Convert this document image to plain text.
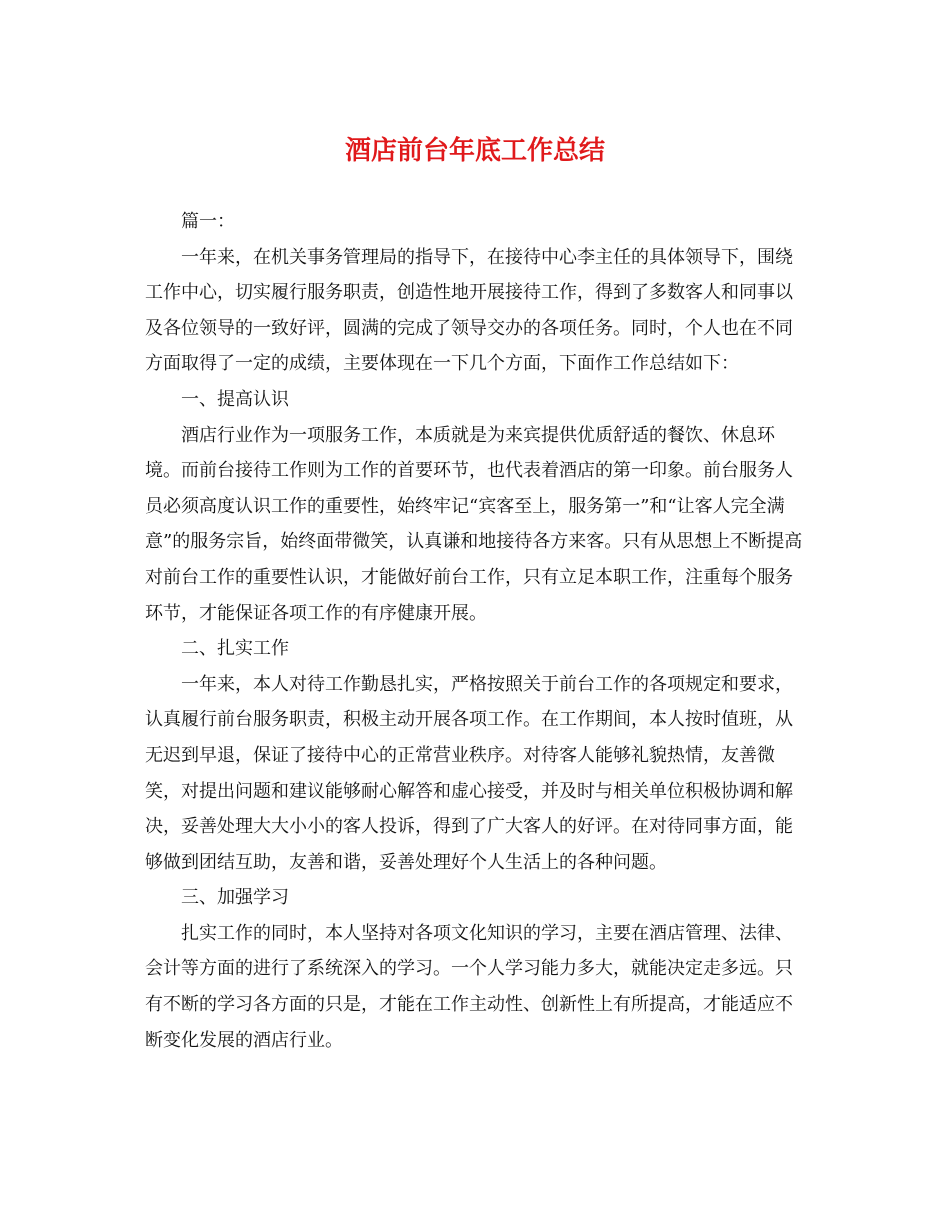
酒店前台年底工作总结

篇一：

一年来，在机关事务管理局的指导下，在接待中心李主任的具体领导下，围绕工作中心，切实履行服务职责，创造性地开展接待工作，得到了多数客人和同事以及各位领导的一致好评，圆满的完成了领导交办的各项任务。同时，个人也在不同方面取得了一定的成绩，主要体现在一下几个方面，下面作工作总结如下：

一、提高认识

酒店行业作为一项服务工作，本质就是为来宾提供优质舒适的餐饮、休息环境。而前台接待工作则为工作的首要环节，也代表着酒店的第一印象。前台服务人员必须高度认识工作的重要性，始终牢记“宾客至上，服务第一”和“让客人完全满意”的服务宗旨，始终面带微笑，认真谦和地接待各方来客。只有从思想上不断提高对前台工作的重要性认识，才能做好前台工作，只有立足本职工作，注重每个服务环节，才能保证各项工作的有序健康开展。

二、扎实工作

一年来，本人对待工作勤恳扎实，严格按照关于前台工作的各项规定和要求，认真履行前台服务职责，积极主动开展各项工作。在工作期间，本人按时值班，从无迟到早退，保证了接待中心的正常营业秩序。对待客人能够礼貌热情，友善微笑，对提出问题和建议能够耐心解答和虚心接受，并及时与相关单位积极协调和解决，妥善处理大大小小的客人投诉，得到了广大客人的好评。在对待同事方面，能够做到团结互助，友善和谐，妥善处理好个人生活上的各种问题。

三、加强学习

扎实工作的同时，本人坚持对各项文化知识的学习，主要在酒店管理、法律、会计等方面的进行了系统深入的学习。一个人学习能力多大，就能决定走多远。只有不断的学习各方面的只是，才能在工作主动性、创新性上有所提高，才能适应不断变化发展的酒店行业。
